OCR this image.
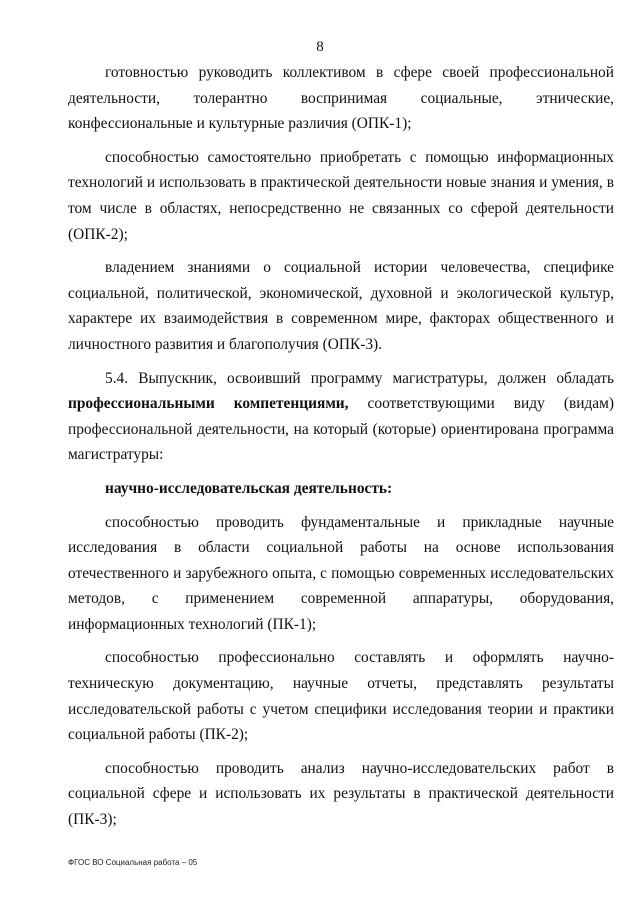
8

готовностью руководить коллективом в сфере своей профессиональной деятельности, толерантно воспринимая социальные, этнические, конфессиональные и культурные различия (ОПК-1);

способностью самостоятельно приобретать с помощью информационных технологий и использовать в практической деятельности новые знания и умения, в том числе в областях, непосредственно не связанных со сферой деятельности (ОПК-2);

владением знаниями о социальной истории человечества, специфике социальной, политической, экономической, духовной и экологической культур, характере их взаимодействия в современном мире, факторах общественного и личностного развития и благополучия (ОПК-3).

5.4. Выпускник, освоивший программу магистратуры, должен обладать профессиональными компетенциями, соответствующими виду (видам) профессиональной деятельности, на который (которые) ориентирована программа магистратуры:

научно-исследовательская деятельность:

способностью проводить фундаментальные и прикладные научные исследования в области социальной работы на основе использования отечественного и зарубежного опыта, с помощью современных исследовательских методов, с применением современной аппаратуры, оборудования, информационных технологий (ПК-1);

способностью профессионально составлять и оформлять научно-техническую документацию, научные отчеты, представлять результаты исследовательской работы с учетом специфики исследования теории и практики социальной работы (ПК-2);

способностью проводить анализ научно-исследовательских работ в социальной сфере и использовать их результаты в практической деятельности (ПК-3);

ФГОС ВО Социальная работа – 05
